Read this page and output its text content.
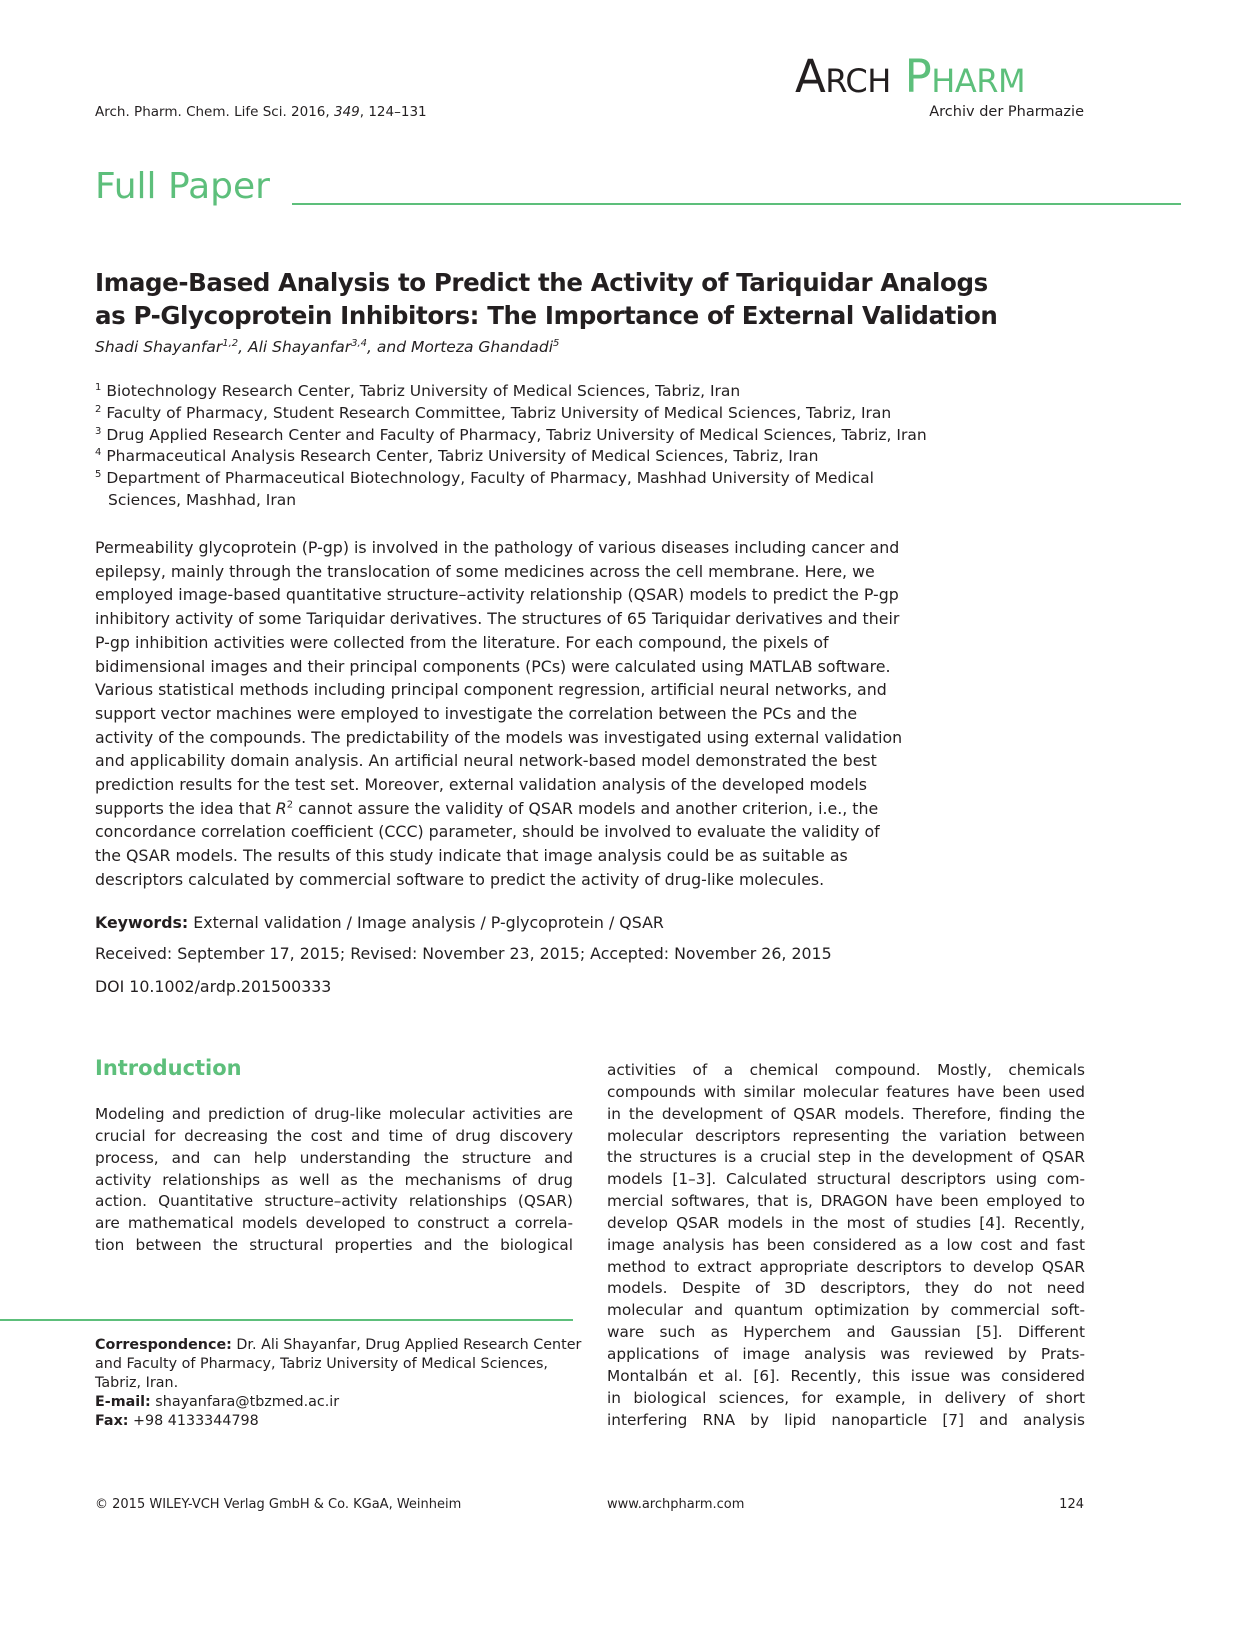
Arch. Pharm. Chem. Life Sci. 2016, 349, 124–131
Arch Pharm
Archiv der Pharmazie
Full Paper
Image-Based Analysis to Predict the Activity of Tariquidar Analogs
as P-Glycoprotein Inhibitors: The Importance of External Validation
Shadi Shayanfar$^{1,2}$, Ali Shayanfar$^{3,4}$, and Morteza Ghandadi$^5$
$^1$ Biotechnology Research Center, Tabriz University of Medical Sciences, Tabriz, Iran
$^2$ Faculty of Pharmacy, Student Research Committee, Tabriz University of Medical Sciences, Tabriz, Iran
$^3$ Drug Applied Research Center and Faculty of Pharmacy, Tabriz University of Medical Sciences, Tabriz, Iran
$^4$ Pharmaceutical Analysis Research Center, Tabriz University of Medical Sciences, Tabriz, Iran
$^5$ Department of Pharmaceutical Biotechnology, Faculty of Pharmacy, Mashhad University of Medical
Sciences, Mashhad, Iran
Permeability glycoprotein (P-gp) is involved in the pathology of various diseases including cancer and
epilepsy, mainly through the translocation of some medicines across the cell membrane. Here, we
employed image-based quantitative structure–activity relationship (QSAR) models to predict the P-gp
inhibitory activity of some Tariquidar derivatives. The structures of 65 Tariquidar derivatives and their
P-gp inhibition activities were collected from the literature. For each compound, the pixels of
bidimensional images and their principal components (PCs) were calculated using MATLAB software.
Various statistical methods including principal component regression, artificial neural networks, and
support vector machines were employed to investigate the correlation between the PCs and the
activity of the compounds. The predictability of the models was investigated using external validation
and applicability domain analysis. An artificial neural network-based model demonstrated the best
prediction results for the test set. Moreover, external validation analysis of the developed models
supports the idea that $R^2$ cannot assure the validity of QSAR models and another criterion, i.e., the
concordance correlation coefficient (CCC) parameter, should be involved to evaluate the validity of
the QSAR models. The results of this study indicate that image analysis could be as suitable as
descriptors calculated by commercial software to predict the activity of drug-like molecules.
Keywords: External validation / Image analysis / P-glycoprotein / QSAR
Received: September 17, 2015; Revised: November 23, 2015; Accepted: November 26, 2015
DOI 10.1002/ardp.201500333
Introduction
Modeling and prediction of drug-like molecular activities are
crucial for decreasing the cost and time of drug discovery
process, and can help understanding the structure and
activity relationships as well as the mechanisms of drug
action. Quantitative structure–activity relationships (QSAR)
are mathematical models developed to construct a correla-
tion between the structural properties and the biological
activities of a chemical compound. Mostly, chemicals
compounds with similar molecular features have been used
in the development of QSAR models. Therefore, finding the
molecular descriptors representing the variation between
the structures is a crucial step in the development of QSAR
models [1–3]. Calculated structural descriptors using com-
mercial softwares, that is, DRAGON have been employed to
develop QSAR models in the most of studies [4]. Recently,
image analysis has been considered as a low cost and fast
method to extract appropriate descriptors to develop QSAR
models. Despite of 3D descriptors, they do not need
molecular and quantum optimization by commercial soft-
ware such as Hyperchem and Gaussian [5]. Different
applications of image analysis was reviewed by Prats-
Montalbán et al. [6]. Recently, this issue was considered
in biological sciences, for example, in delivery of short
interfering RNA by lipid nanoparticle [7] and analysis
Correspondence: Dr. Ali Shayanfar, Drug Applied Research Center
and Faculty of Pharmacy, Tabriz University of Medical Sciences,
Tabriz, Iran.
E-mail: shayanfara@tbzmed.ac.ir
Fax: +98 4133344798
© 2015 WILEY-VCH Verlag GmbH & Co. KGaA, Weinheim	www.archpharm.com	124
